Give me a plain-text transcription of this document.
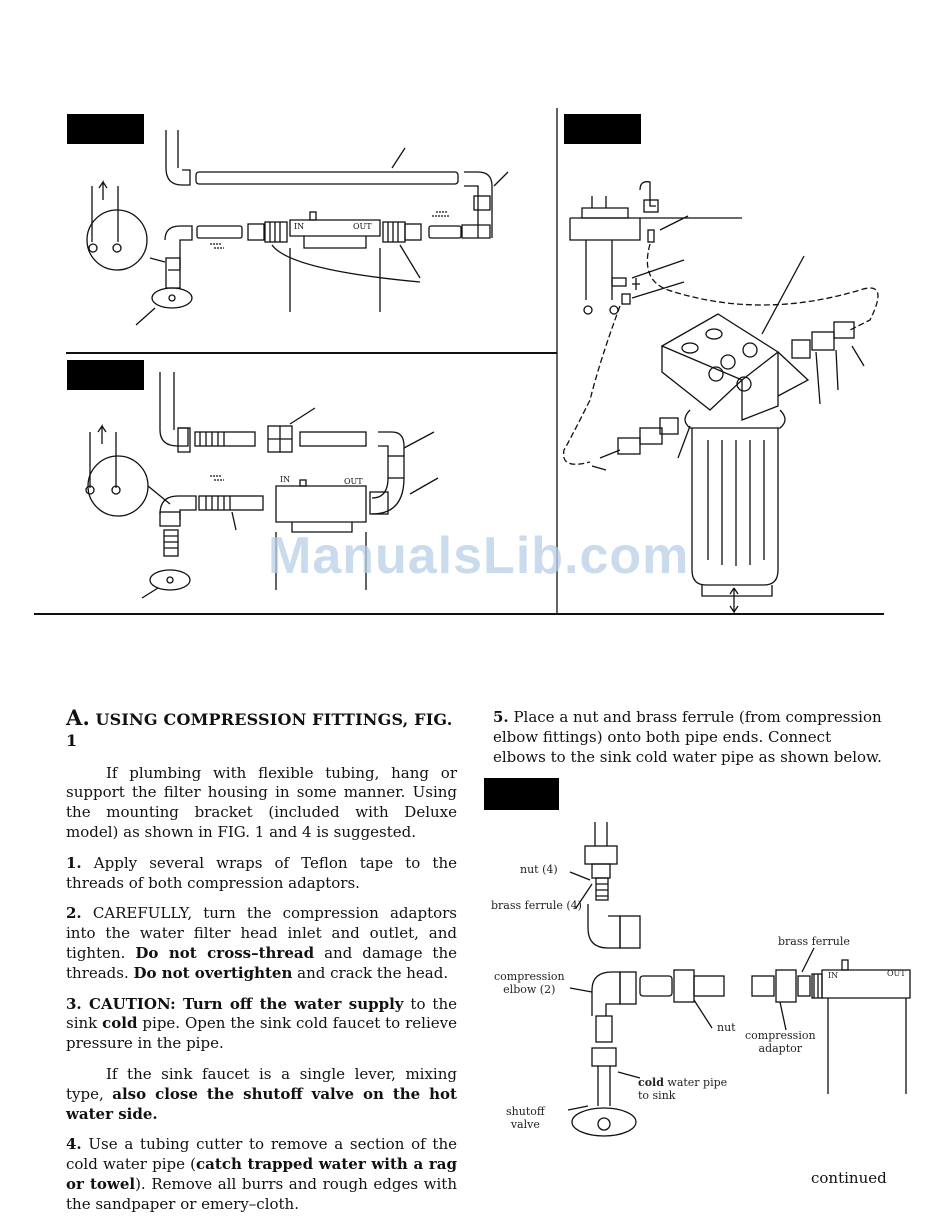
IN	OUT
IN	OUT
ManualsLib.com
A. USING COMPRESSION FITTINGS, FIG. 1

If plumbing with flexible tubing, hang or support the filter housing in some manner. Using the mounting bracket (included with Deluxe model) as shown in FIG. 1 and 4 is suggested.

1. Apply several wraps of Teflon tape to the threads of both compression adaptors.

2. CAREFULLY, turn the compression adaptors into the water filter head inlet and outlet, and tighten. Do not cross–thread and damage the threads. Do not overtighten and crack the head.

3. CAUTION: Turn off the water supply to the sink cold pipe. Open the sink cold faucet to relieve pressure in the pipe.

If the sink faucet is a single lever, mixing type, also close the shutoff valve on the hot water side.

4. Use a tubing cutter to remove a section of the cold water pipe (catch trapped water with a rag or towel). Remove all burrs and rough edges with the sandpaper or emery–cloth.

5. Place a nut and brass ferrule (from compression elbow fittings) onto both pipe ends. Connect elbows to the sink cold water pipe as shown below.

nut (4)
brass ferrule (4)
compression
elbow (2)
brass ferrule
nut
compression
adaptor
cold water pipe
to sink
shutoff
valve
IN	OUT
continued
